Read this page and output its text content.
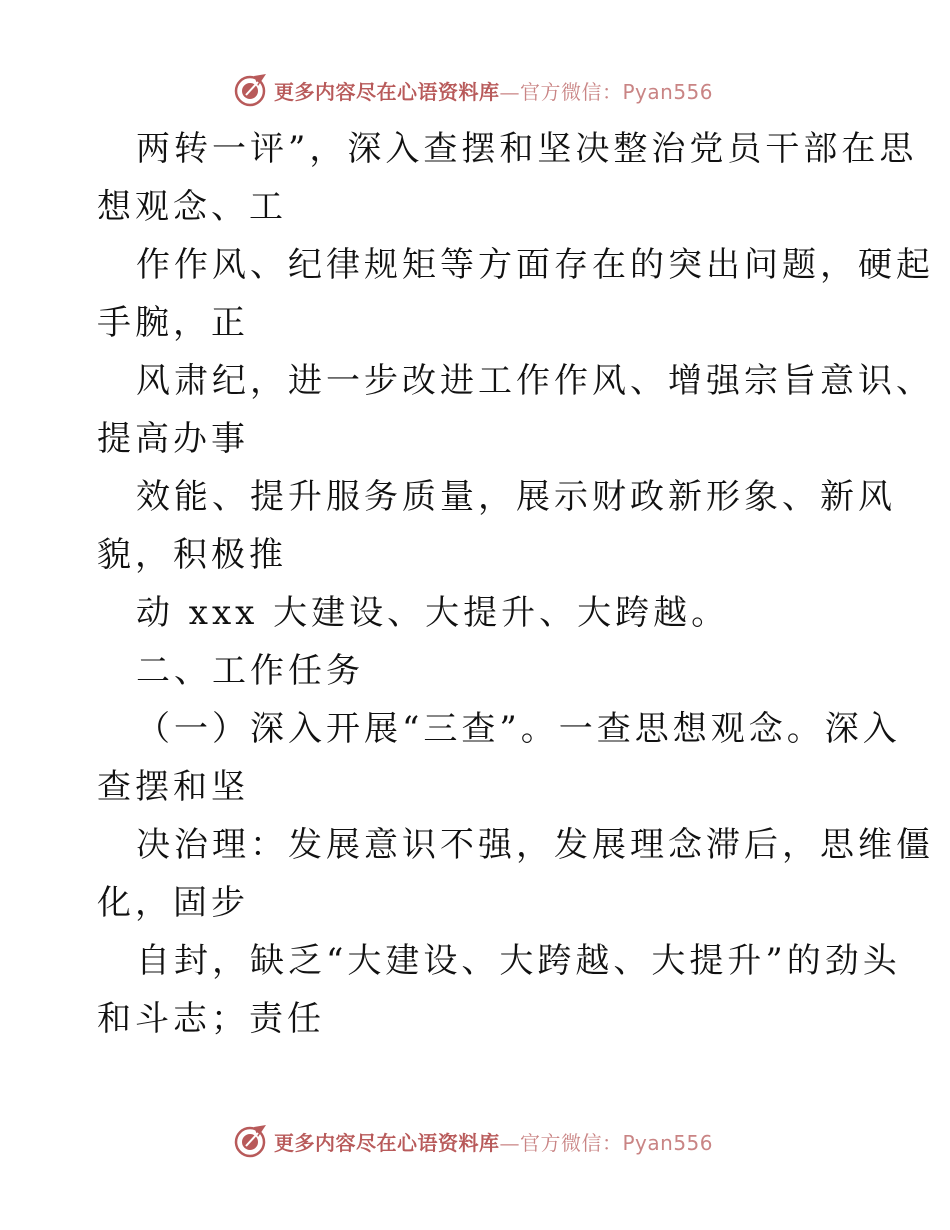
更多内容尽在心语资料库—官方微信：Pyan556
两转一评”，深入查摆和坚决整治党员干部在思
想观念、工
作作风、纪律规矩等方面存在的突出问题，硬起
手腕，正
风肃纪，进一步改进工作作风、增强宗旨意识、
提高办事
效能、提升服务质量，展示财政新形象、新风
貌，积极推
动 xxx 大建设、大提升、大跨越。
二、工作任务
（一）深入开展“三查”。一查思想观念。深入
查摆和坚
决治理：发展意识不强，发展理念滞后，思维僵
化，固步
自封，缺乏“大建设、大跨越、大提升”的劲头
和斗志；责任
更多内容尽在心语资料库—官方微信：Pyan556
